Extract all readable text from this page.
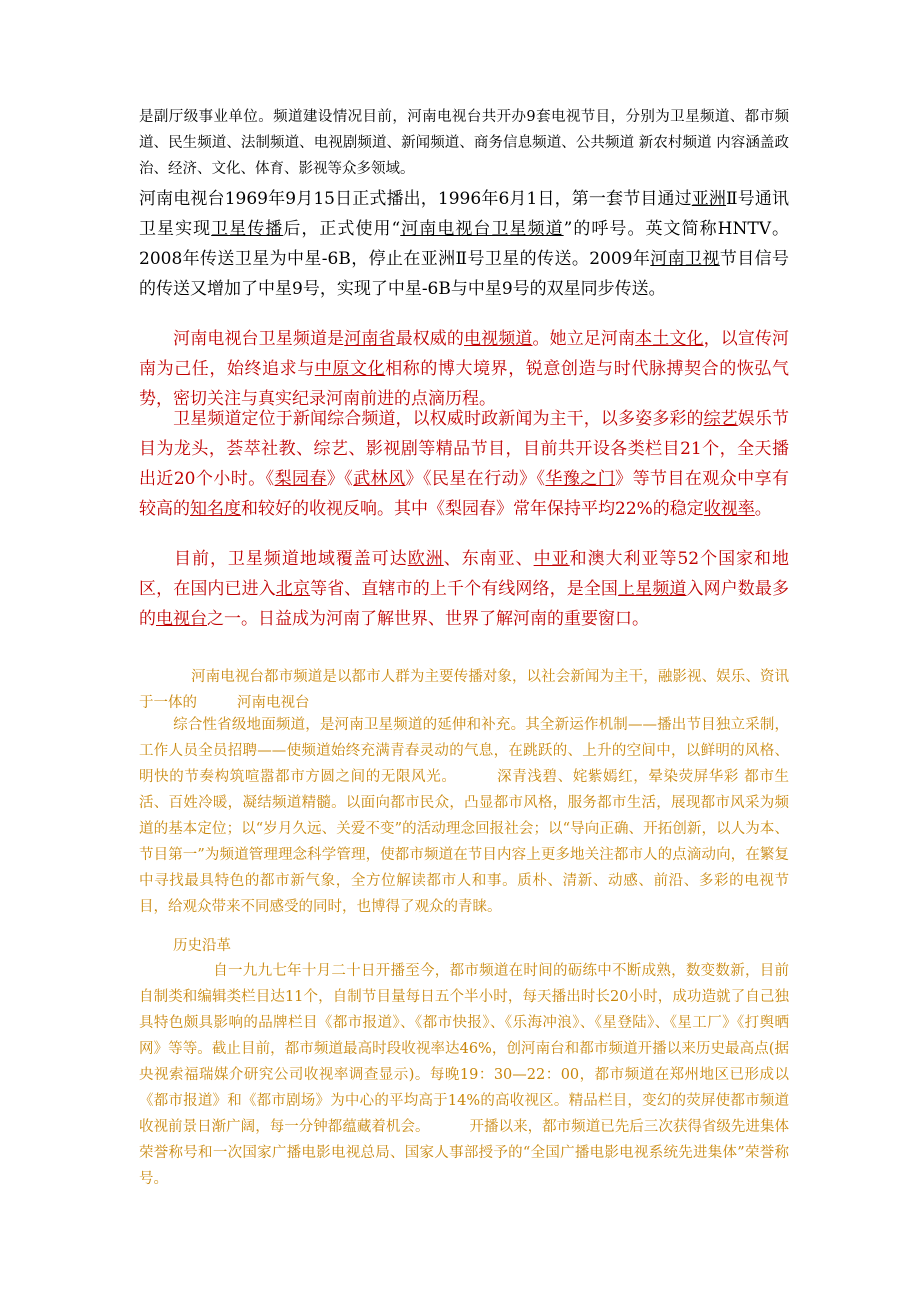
是副厅级事业单位。频道建设情况目前，河南电视台共开办9套电视节目，分别为卫星频道、都市频道、民生频道、法制频道、电视剧频道、新闻频道、商务信息频道、公共频道 新农村频道 内容涵盖政治、经济、文化、体育、影视等众多领域。

河南电视台1969年9月15日正式播出，1996年6月1日，第一套节目通过亚洲Ⅱ号通讯卫星实现卫星传播后，正式使用“河南电视台卫星频道”的呼号。英文简称HNTV。2008年传送卫星为中星-6B，停止在亚洲Ⅱ号卫星的传送。2009年河南卫视节目信号的传送又增加了中星9号，实现了中星-6B与中星9号的双星同步传送。

河南电视台卫星频道是河南省最权威的电视频道。她立足河南本土文化，以宣传河南为己任，始终追求与中原文化相称的博大境界，锐意创造与时代脉搏契合的恢弘气势，密切关注与真实纪录河南前进的点滴历程。

卫星频道定位于新闻综合频道，以权威时政新闻为主干，以多姿多彩的综艺娱乐节目为龙头，荟萃社教、综艺、影视剧等精品节目，目前共开设各类栏目21个，全天播出近20个小时。《梨园春》《武林风》《民星在行动》《华豫之门》等节目在观众中享有较高的知名度和较好的收视反响。其中《梨园春》常年保持平均22%的稳定收视率。

目前，卫星频道地域覆盖可达欧洲、东南亚、中亚和澳大利亚等52个国家和地区，在国内已进入北京等省、直辖市的上千个有线网络，是全国上星频道入网户数最多的电视台之一。日益成为河南了解世界、世界了解河南的重要窗口。

河南电视台都市频道是以都市人群为主要传播对象，以社会新闻为主干，融影视、娱乐、资讯于一体的	河南电视台

综合性省级地面频道，是河南卫星频道的延伸和补充。其全新运作机制——播出节目独立采制，工作人员全员招聘——使频道始终充满青春灵动的气息，在跳跃的、上升的空间中，以鲜明的风格、明快的节奏构筑喧嚣都市方圆之间的无限风光。	深青浅碧、姹紫嫣红，晕染荧屏华彩 都市生活、百姓冷暖，凝结频道精髓。以面向都市民众，凸显都市风格，服务都市生活，展现都市风采为频道的基本定位；以“岁月久远、关爱不变”的活动理念回报社会；以“导向正确、开拓创新，以人为本、节目第一”为频道管理理念科学管理，使都市频道在节目内容上更多地关注都市人的点滴动向，在繁复中寻找最具特色的都市新气象，全方位解读都市人和事。质朴、清新、动感、前沿、多彩的电视节目，给观众带来不同感受的同时，也博得了观众的青睐。

历史沿革

自一九九七年十月二十日开播至今，都市频道在时间的砺练中不断成熟，数变数新，目前自制类和编辑类栏目达11个，自制节目量每日五个半小时，每天播出时长20小时，成功造就了自己独具特色颇具影响的品牌栏目《都市报道》、《都市快报》、《乐海冲浪》、《星登陆》、《星工厂》《打舆晒网》等等。截止目前，都市频道最高时段收视率达46%，创河南台和都市频道开播以来历史最高点(据央视索福瑞媒介研究公司收视率调查显示)。每晚19：30—22：00，都市频道在郑州地区已形成以《都市报道》和《都市剧场》为中心的平均高于14%的高收视区。精品栏目，变幻的荧屏使都市频道收视前景日渐广阔，每一分钟都蕴藏着机会。	开播以来，都市频道已先后三次获得省级先进集体荣誉称号和一次国家广播电影电视总局、国家人事部授予的“全国广播电影电视系统先进集体”荣誉称号。
